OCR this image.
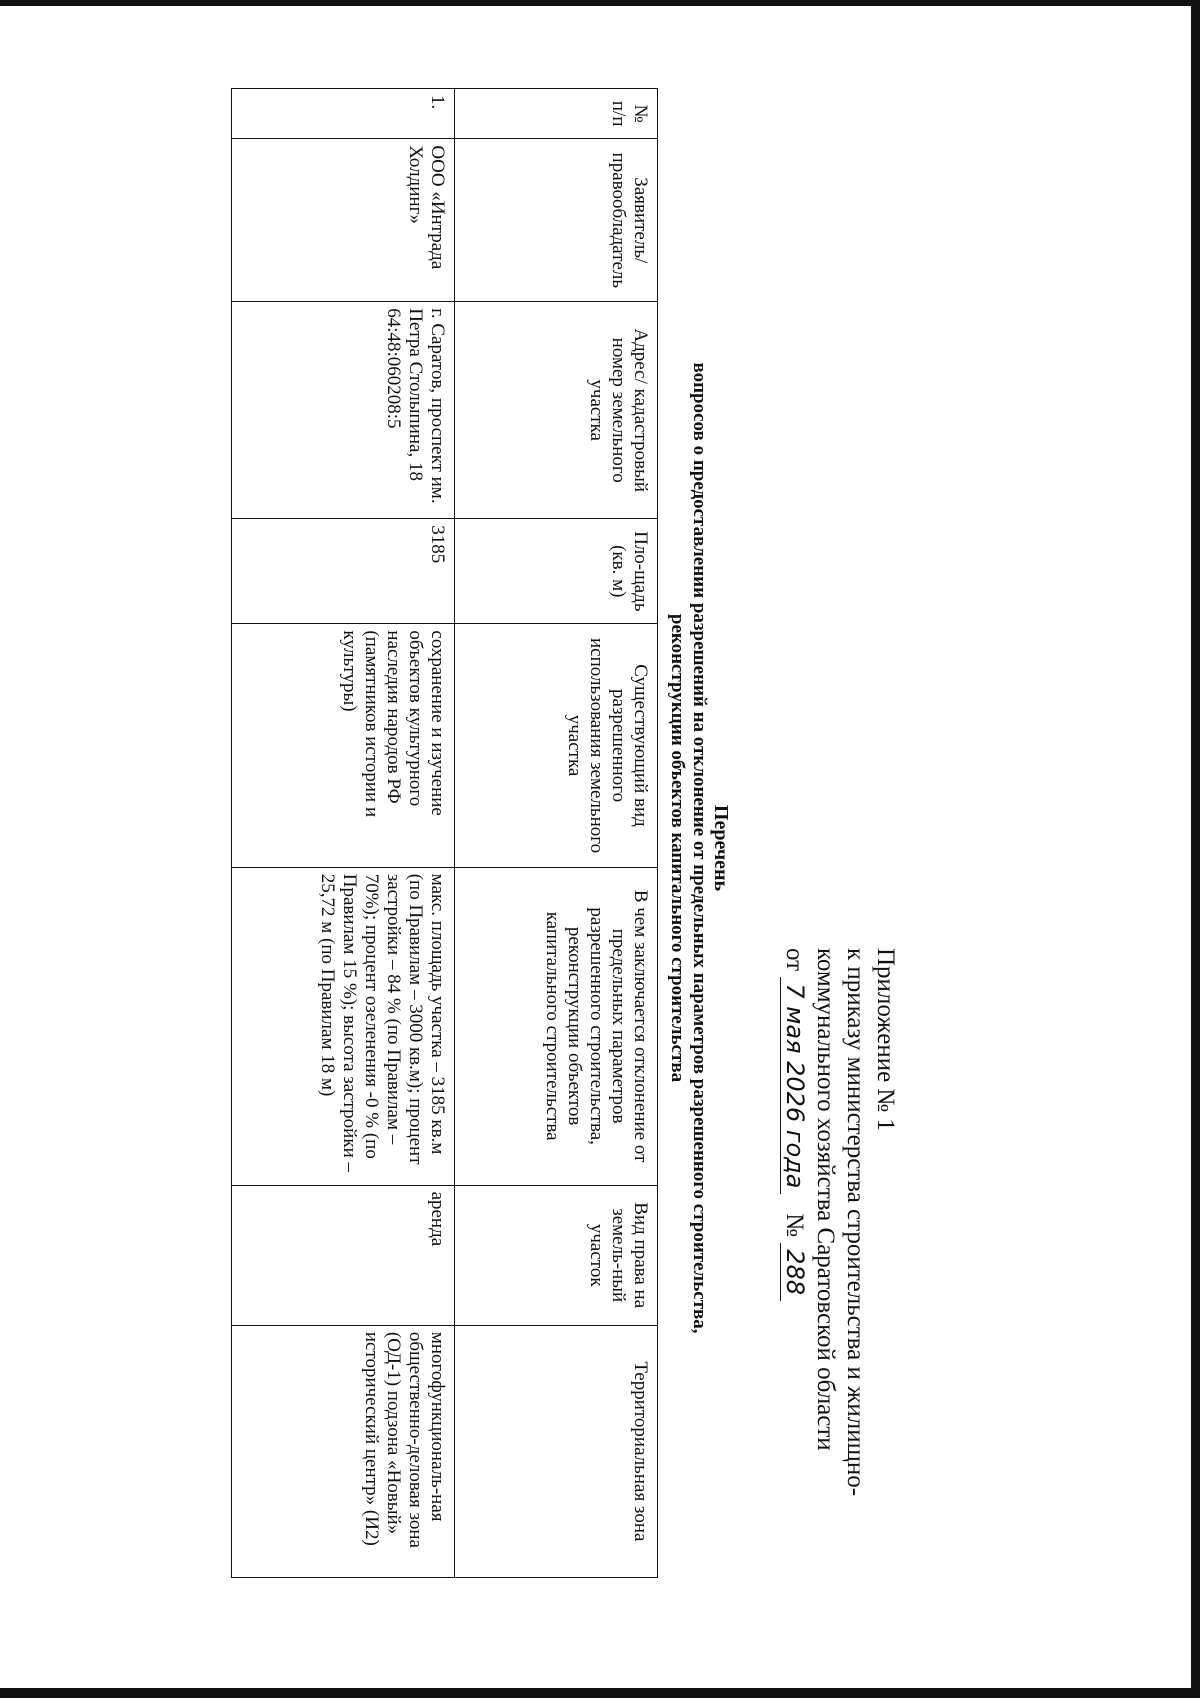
Приложение № 1
к приказу министерства строительства и жилищно-
коммунального хозяйства Саратовской области
от 7 мая 2026 года   № 288
Перечень
вопросов о предоставлении разрешений на отклонение от предельных параметров разрешенного строительства,
реконструкции объектов капитального строительства
№ п/п	Заявитель/ правообладатель	Адрес/ кадастровый номер земельного участка	Пло-щадь (кв. м)	Существующий вид разрешенного использования земельного участка	В чем заключается отклонение от предельных параметров разрешенного строительства, реконструкции объектов капитального строительства	Вид права на земель-ный участок	Территориальная зона
1.	ООО «Интрада Холдинг»	г. Саратов, проспект им. Петра Столыпина, 18 64:48:060208:5	3185	сохранение и изучение объектов культурного наследия народов РФ (памятников истории и культуры)	макс. площадь участка – 3185 кв.м (по Правилам – 3000 кв.м); процент застройки – 84 % (по Правилам – 70%); процент озеленения -0 % (по Правилам 15 %); высота застройки – 25,72 м (по Правилам 18 м)	аренда	многофункциональ-ная общественно-деловая зона (ОД-1) подзона «Новый» исторический центр» (И2)
